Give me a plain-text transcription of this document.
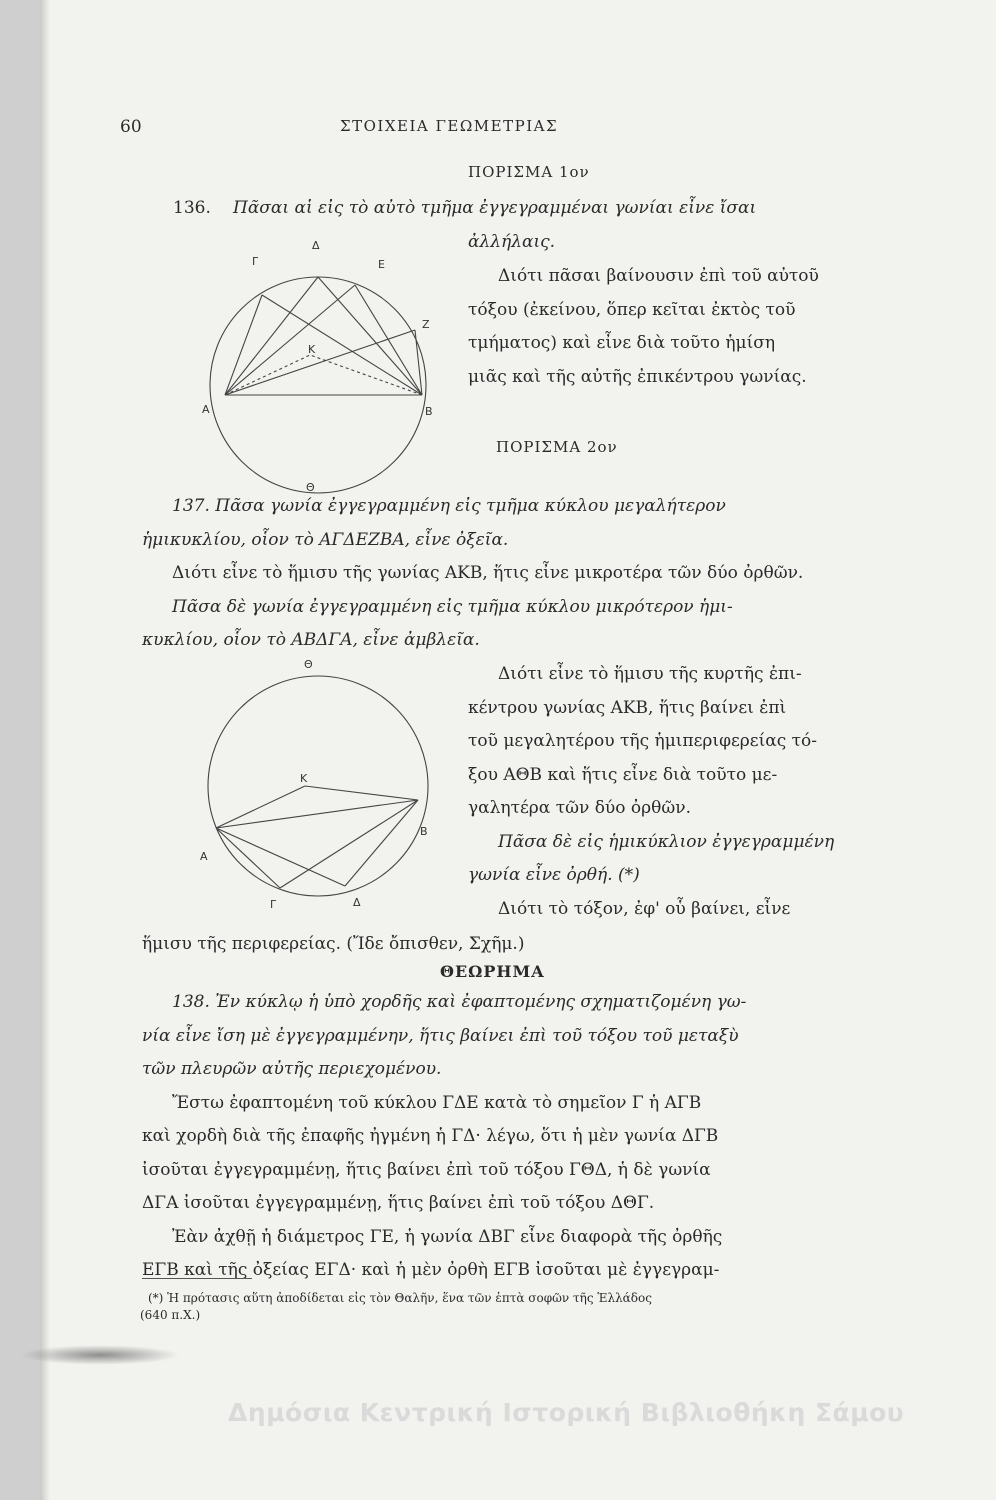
60	ΣΤΟΙΧΕΙΑ ΓΕΩΜΕΤΡΙΑΣ
ΠΟΡΙΣΜΑ 1ον
136. Πᾶσαι αἱ εἰς τὸ αὐτὸ τμῆμα ἐγγεγραμμέναι γωνίαι εἶνε ἴσαι
ἀλλήλαις.
Διότι πᾶσαι βαίνουσιν ἐπὶ τοῦ αὐτοῦ
τόξου (ἐκείνου, ὅπερ κεῖται ἐκτὸς τοῦ
τμήματος) καὶ εἶνε διὰ τοῦτο ἡμίση
μιᾶς καὶ τῆς αὐτῆς ἐπικέντρου γωνίας.
Γ
Δ
Ε
Ζ
Κ
Α	Β
Θ
ΠΟΡΙΣΜΑ 2ον
137. Πᾶσα γωνία ἐγγεγραμμένη εἰς τμῆμα κύκλου μεγαλήτερον
ἡμικυκλίου, οἷον τὸ ΑΓΔΕΖΒΑ, εἶνε ὀξεῖα.
Διότι εἶνε τὸ ἥμισυ τῆς γωνίας ΑΚΒ, ἥτις εἶνε μικροτέρα τῶν δύο ὀρθῶν.
Πᾶσα δὲ γωνία ἐγγεγραμμένη εἰς τμῆμα κύκλου μικρότερον ἡμι-
κυκλίου, οἷον τὸ ΑΒΔΓΑ, εἶνε ἀμβλεῖα.
Διότι εἶνε τὸ ἥμισυ τῆς κυρτῆς ἐπι-
κέντρου γωνίας ΑΚΒ, ἥτις βαίνει ἐπὶ
τοῦ μεγαλητέρου τῆς ἡμιπεριφερείας τό-
ξου ΑΘΒ καὶ ἥτις εἶνε διὰ τοῦτο με-
γαλητέρα τῶν δύο ὀρθῶν.
Πᾶσα δὲ εἰς ἡμικύκλιον ἐγγεγραμμένη
γωνία εἶνε ὀρθή. (*)
Διότι τὸ τόξον, ἐφ' οὗ βαίνει, εἶνε
ἥμισυ τῆς περιφερείας. (Ἴδε ὄπισθεν, Σχῆμ.)
Θ
Κ
Β
Α
Γ	Δ
ΘΕΩΡΗΜΑ
138. Ἐν κύκλῳ ἡ ὑπὸ χορδῆς καὶ ἐφαπτομένης σχηματιζομένη γω-
νία εἶνε ἴση μὲ ἐγγεγραμμένην, ἥτις βαίνει ἐπὶ τοῦ τόξου τοῦ μεταξὺ
τῶν πλευρῶν αὐτῆς περιεχομένου.
Ἔστω ἐφαπτομένη τοῦ κύκλου ΓΔΕ κατὰ τὸ σημεῖον Γ ἡ ΑΓΒ
καὶ χορδὴ διὰ τῆς ἐπαφῆς ἠγμένη ἡ ΓΔ· λέγω, ὅτι ἡ μὲν γωνία ΔΓΒ
ἰσοῦται ἐγγεγραμμένῃ, ἥτις βαίνει ἐπὶ τοῦ τόξου ΓΘΔ, ἡ δὲ γωνία
ΔΓΑ ἰσοῦται ἐγγεγραμμένῃ, ἥτις βαίνει ἐπὶ τοῦ τόξου ΔΘΓ.
Ἐὰν ἀχθῇ ἡ διάμετρος ΓΕ, ἡ γωνία ΔΒΓ εἶνε διαφορὰ τῆς ὀρθῆς
ΕΓΒ καὶ τῆς ὀξείας ΕΓΔ· καὶ ἡ μὲν ὀρθὴ ΕΓΒ ἰσοῦται μὲ ἐγγεγραμ-
(*) Ἡ πρότασις αὕτη ἀποδίδεται εἰς τὸν Θαλῆν, ἕνα τῶν ἑπτὰ σοφῶν τῆς Ἑλλάδος
(640 π.Χ.)
Δημόσια Κεντρική Ιστορική Βιβλιοθήκη Σάμου
